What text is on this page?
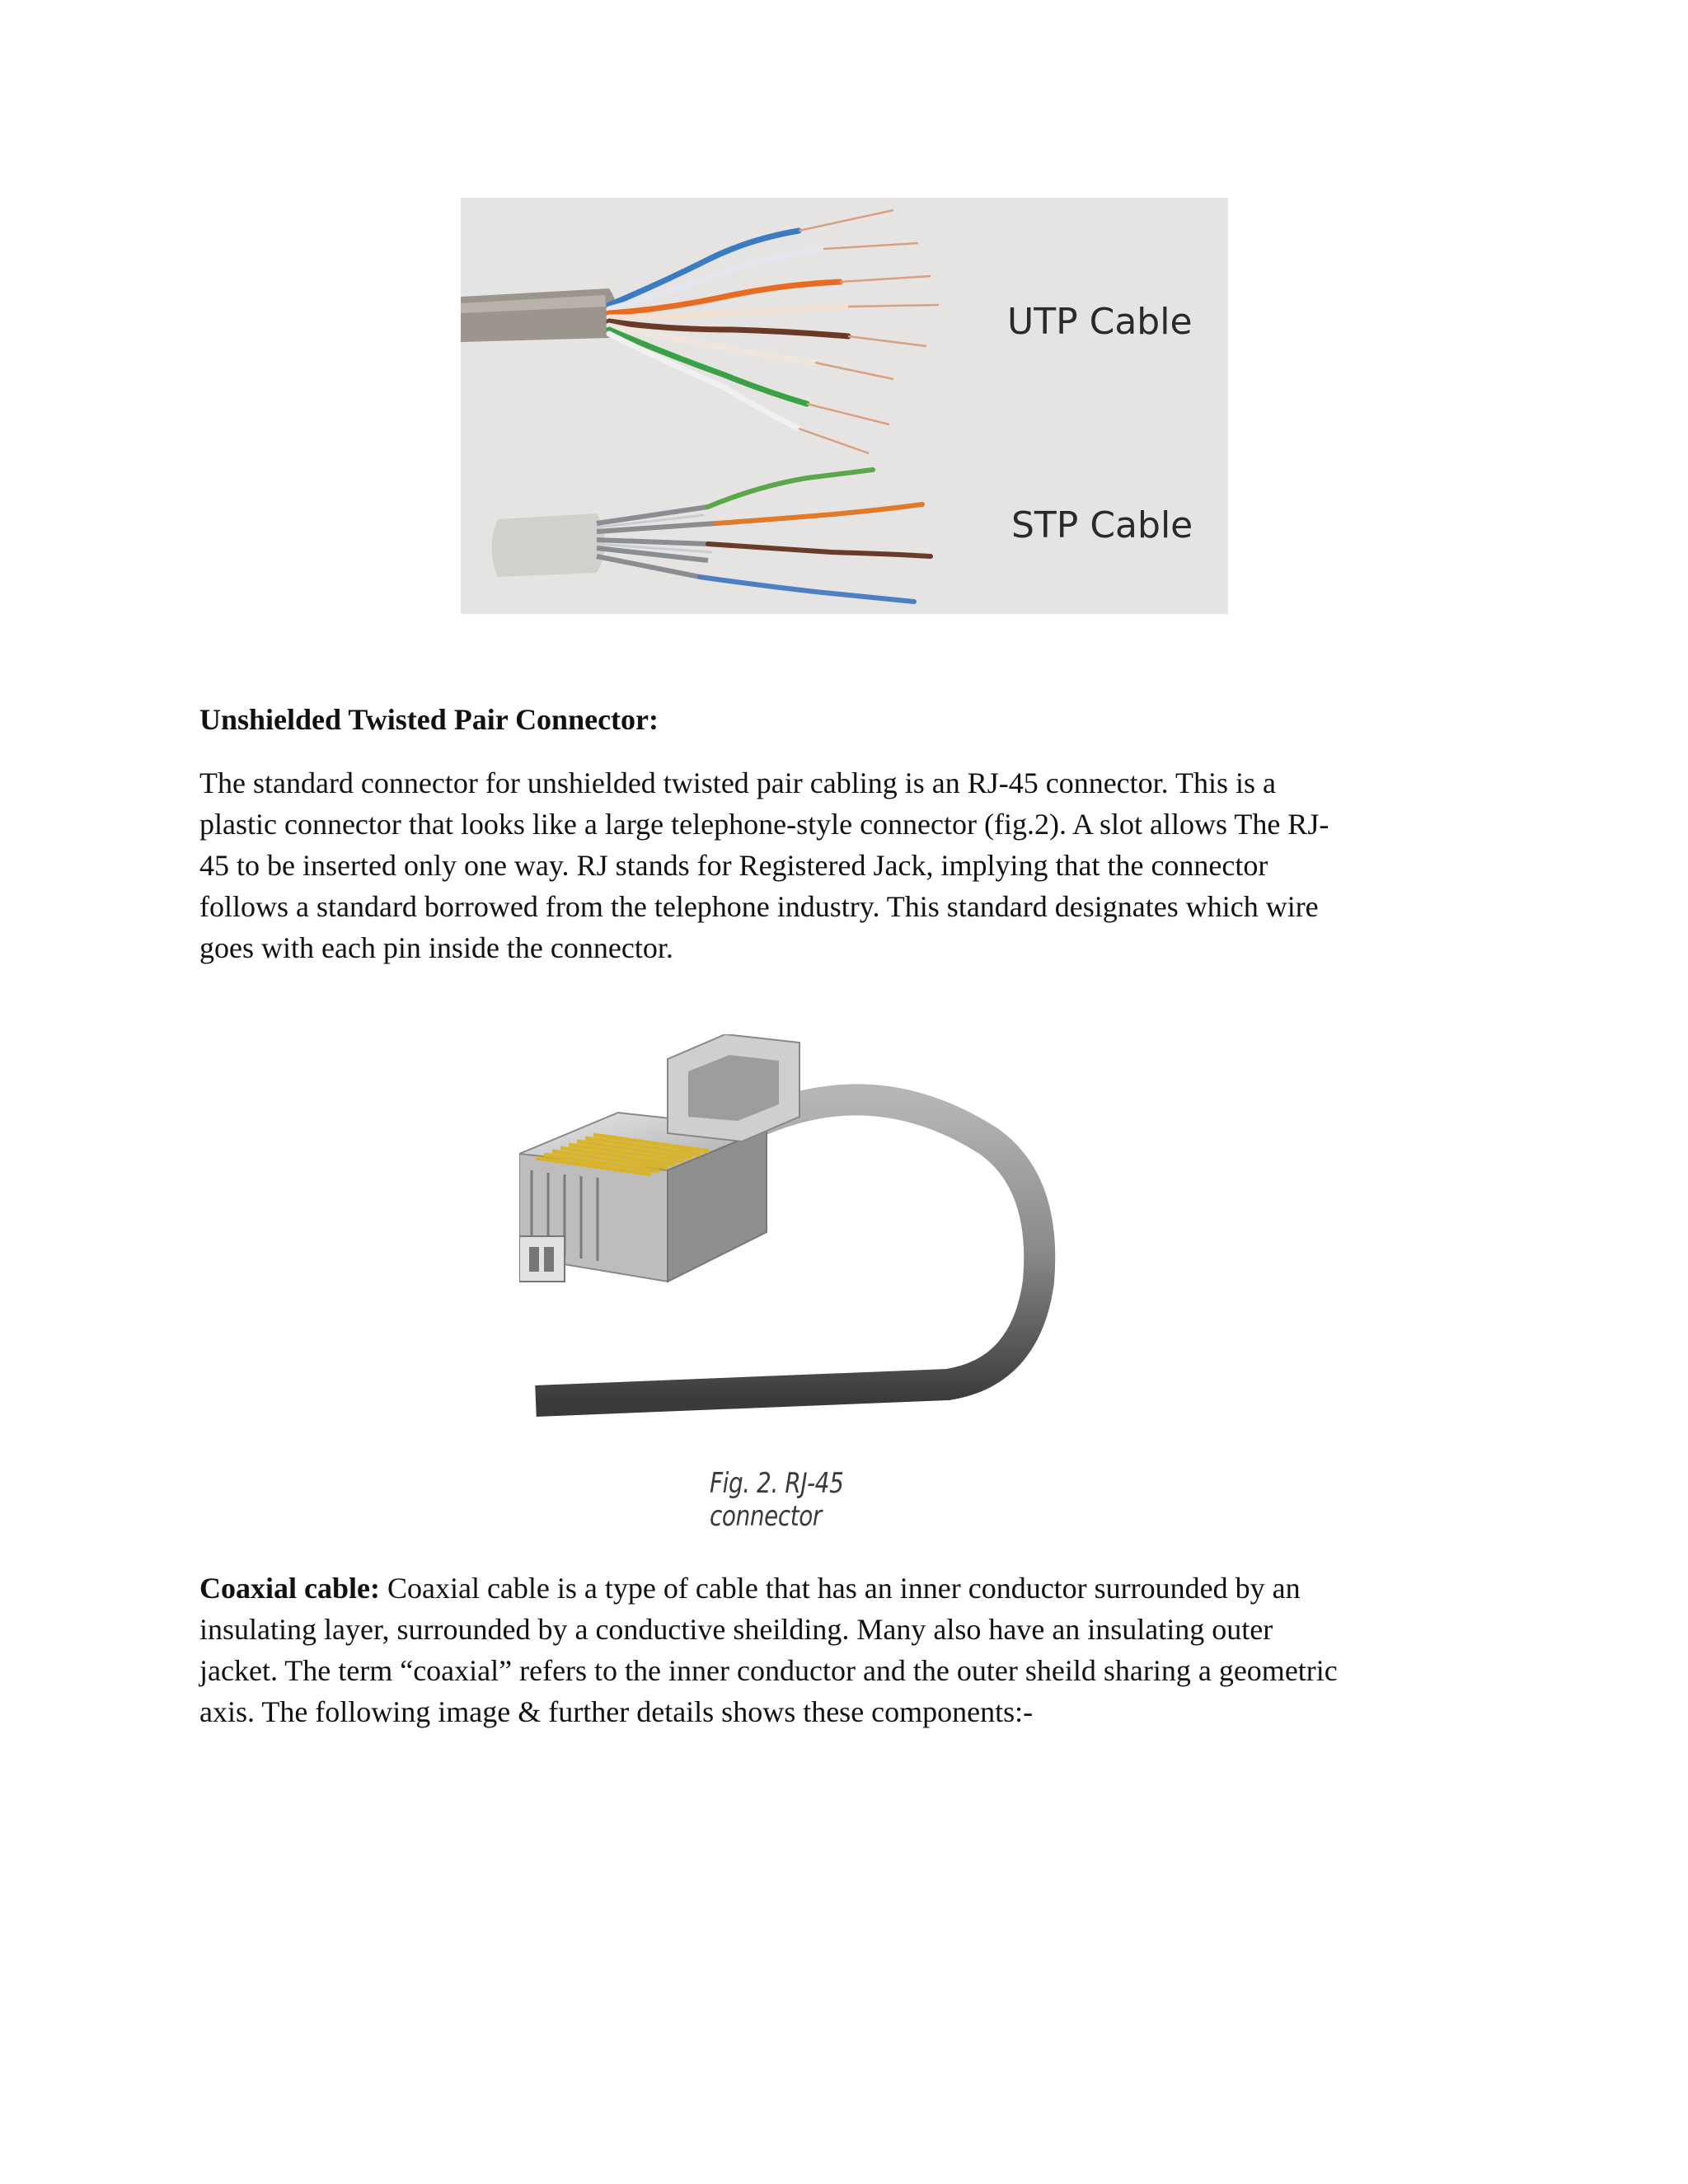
UTP Cable
STP Cable
Unshielded Twisted Pair Connector:

The standard connector for unshielded twisted pair cabling is an RJ-45 connector. This is a

plastic connector that looks like a large telephone-style connector (fig.2). A slot allows The RJ-

45 to be inserted only one way. RJ stands for Registered Jack, implying that the connector

follows a standard borrowed from the telephone industry. This standard designates which wire

goes with each pin inside the connector.

Fig. 2. RJ-45 connector

Coaxial cable: Coaxial cable is a type of cable that has an inner conductor surrounded by an

insulating layer, surrounded by a conductive sheilding. Many also have an insulating outer

jacket. The term “coaxial” refers to the inner conductor and the outer sheild sharing a geometric

axis. The following image & further details shows these components:-
